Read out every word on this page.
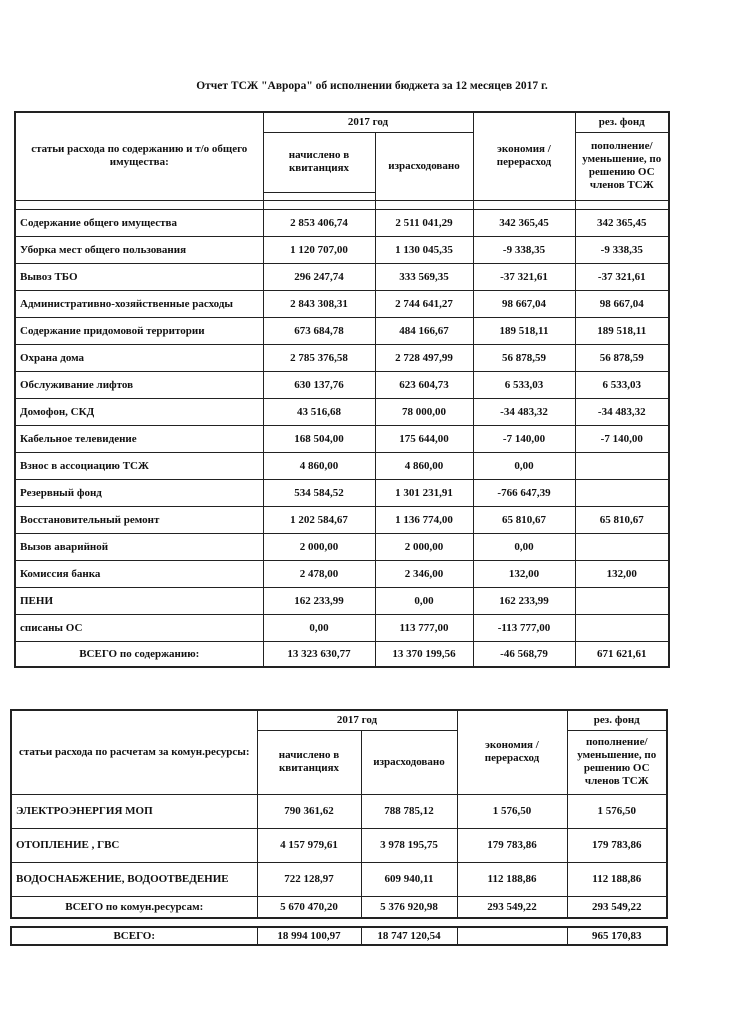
Отчет ТСЖ "Аврора" об исполнении бюджета за 12 месяцев 2017 г.
статьи расхода по содержанию и т/о общего имущества:	2017 год		экономия / перерасход	рез. фонд
	начислено в квитанциях	израсходовано		пополнение/ уменьшение, по решению ОС членов ТСЖ

Содержание общего имущества	2 853 406,74	2 511 041,29	342 365,45	342 365,45
Уборка мест общего пользования	1 120 707,00	1 130 045,35	-9 338,35	-9 338,35
Вывоз ТБО	296 247,74	333 569,35	-37 321,61	-37 321,61
Административно-хозяйственные расходы	2 843 308,31	2 744 641,27	98 667,04	98 667,04
Содержание придомовой территории	673 684,78	484 166,67	189 518,11	189 518,11
Охрана дома	2 785 376,58	2 728 497,99	56 878,59	56 878,59
Обслуживание лифтов	630 137,76	623 604,73	6 533,03	6 533,03
Домофон, СКД	43 516,68	78 000,00	-34 483,32	-34 483,32
Кабельное телевидение	168 504,00	175 644,00	-7 140,00	-7 140,00
Взнос в ассоциацию ТСЖ	4 860,00	4 860,00	0,00	
Резервный фонд	534 584,52	1 301 231,91	-766 647,39	
Восстановительный ремонт	1 202 584,67	1 136 774,00	65 810,67	65 810,67
Вызов аварийной	2 000,00	2 000,00	0,00	
Комиссия банка	2 478,00	2 346,00	132,00	132,00
ПЕНИ	162 233,99	0,00	162 233,99	
списаны ОС	0,00	113 777,00	-113 777,00	
ВСЕГО по содержанию:	13 323 630,77	13 370 199,56	-46 568,79	671 621,61
статьи расхода по расчетам за комун.ресурсы:	2017 год		экономия / перерасход	рез. фонд
	начислено в квитанциях	израсходовано		пополнение/ уменьшение, по решению ОС членов ТСЖ
ЭЛЕКТРОЭНЕРГИЯ МОП	790 361,62	788 785,12	1 576,50	1 576,50
ОТОПЛЕНИЕ , ГВС	4 157 979,61	3 978 195,75	179 783,86	179 783,86
ВОДОСНАБЖЕНИЕ, ВОДООТВЕДЕНИЕ	722 128,97	609 940,11	112 188,86	112 188,86
ВСЕГО по комун.ресурсам:	5 670 470,20	5 376 920,98	293 549,22	293 549,22
ВСЕГО:	18 994 100,97	18 747 120,54		965 170,83
